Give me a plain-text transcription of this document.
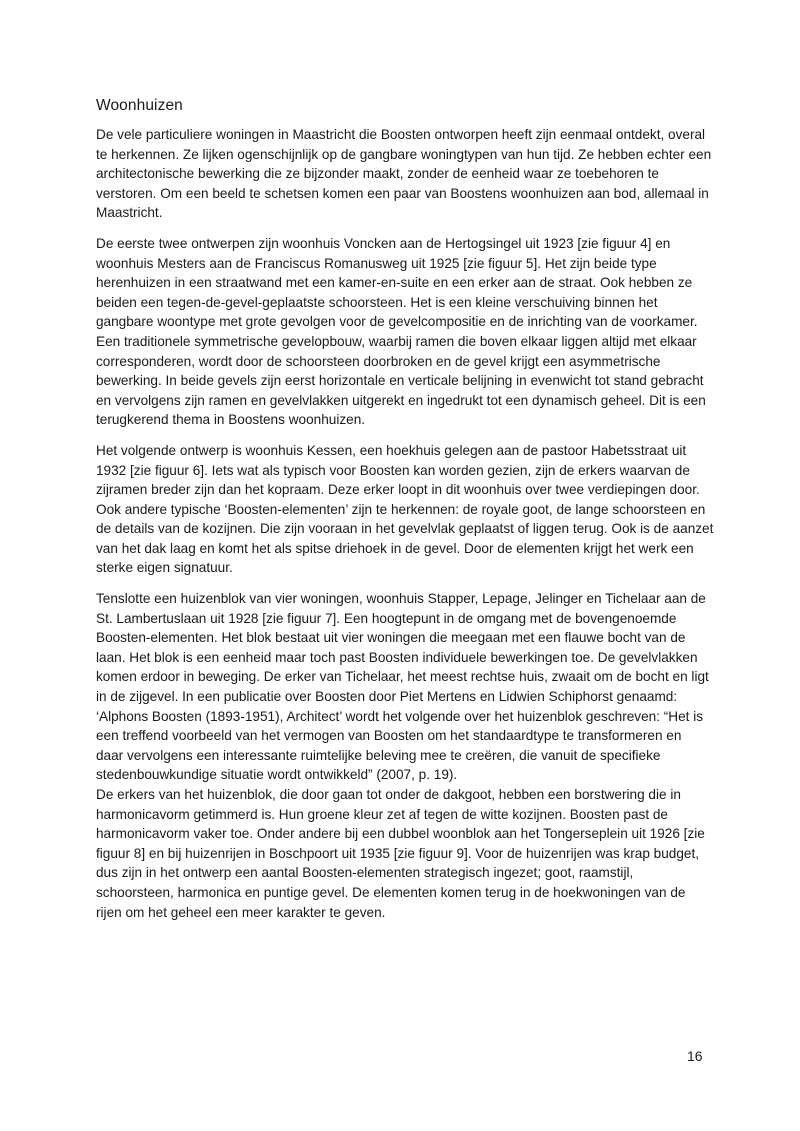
Woonhuizen
De vele particuliere woningen in Maastricht die Boosten ontworpen heeft zijn eenmaal ontdekt, overal
te herkennen. Ze lijken ogenschijnlijk op de gangbare woningtypen van hun tijd. Ze hebben echter een
architectonische bewerking die ze bijzonder maakt, zonder de eenheid waar ze toebehoren te
verstoren. Om een beeld te schetsen komen een paar van Boostens woonhuizen aan bod, allemaal in
Maastricht.
De eerste twee ontwerpen zijn woonhuis Voncken aan de Hertogsingel uit 1923 [zie figuur 4] en
woonhuis Mesters aan de Franciscus Romanusweg uit 1925 [zie figuur 5]. Het zijn beide type
herenhuizen in een straatwand met een kamer-en-suite en een erker aan de straat. Ook hebben ze
beiden een tegen-de-gevel-geplaatste schoorsteen. Het is een kleine verschuiving binnen het
gangbare woontype met grote gevolgen voor de gevelcompositie en de inrichting van de voorkamer.
Een traditionele symmetrische gevelopbouw, waarbij ramen die boven elkaar liggen altijd met elkaar
corresponderen, wordt door de schoorsteen doorbroken en de gevel krijgt een asymmetrische
bewerking. In beide gevels zijn eerst horizontale en verticale belijning in evenwicht tot stand gebracht
en vervolgens zijn ramen en gevelvlakken uitgerekt en ingedrukt tot een dynamisch geheel. Dit is een
terugkerend thema in Boostens woonhuizen.
Het volgende ontwerp is woonhuis Kessen, een hoekhuis gelegen aan de pastoor Habetsstraat uit
1932 [zie figuur 6]. Iets wat als typisch voor Boosten kan worden gezien, zijn de erkers waarvan de
zijramen breder zijn dan het kopraam. Deze erker loopt in dit woonhuis over twee verdiepingen door.
Ook andere typische ‘Boosten-elementen’ zijn te herkennen: de royale goot, de lange schoorsteen en
de details van de kozijnen. Die zijn vooraan in het gevelvlak geplaatst of liggen terug. Ook is de aanzet
van het dak laag en komt het als spitse driehoek in de gevel. Door de elementen krijgt het werk een
sterke eigen signatuur.
Tenslotte een huizenblok van vier woningen, woonhuis Stapper, Lepage, Jelinger en Tichelaar aan de
St. Lambertuslaan uit 1928 [zie figuur 7]. Een hoogtepunt in de omgang met de bovengenoemde
Boosten-elementen. Het blok bestaat uit vier woningen die meegaan met een flauwe bocht van de
laan. Het blok is een eenheid maar toch past Boosten individuele bewerkingen toe. De gevelvlakken
komen erdoor in beweging. De erker van Tichelaar, het meest rechtse huis, zwaait om de bocht en ligt
in de zijgevel. In een publicatie over Boosten door Piet Mertens en Lidwien Schiphorst genaamd:
‘Alphons Boosten (1893-1951), Architect’ wordt het volgende over het huizenblok geschreven: “Het is
een treffend voorbeeld van het vermogen van Boosten om het standaardtype te transformeren en
daar vervolgens een interessante ruimtelijke beleving mee te creëren, die vanuit de specifieke
stedenbouwkundige situatie wordt ontwikkeld” (2007, p. 19).
De erkers van het huizenblok, die door gaan tot onder de dakgoot, hebben een borstwering die in
harmonicavorm getimmerd is. Hun groene kleur zet af tegen de witte kozijnen. Boosten past de
harmonicavorm vaker toe. Onder andere bij een dubbel woonblok aan het Tongerseplein uit 1926 [zie
figuur 8] en bij huizenrijen in Boschpoort uit 1935 [zie figuur 9]. Voor de huizenrijen was krap budget,
dus zijn in het ontwerp een aantal Boosten-elementen strategisch ingezet; goot, raamstijl,
schoorsteen, harmonica en puntige gevel. De elementen komen terug in de hoekwoningen van de
rijen om het geheel een meer karakter te geven.
16
